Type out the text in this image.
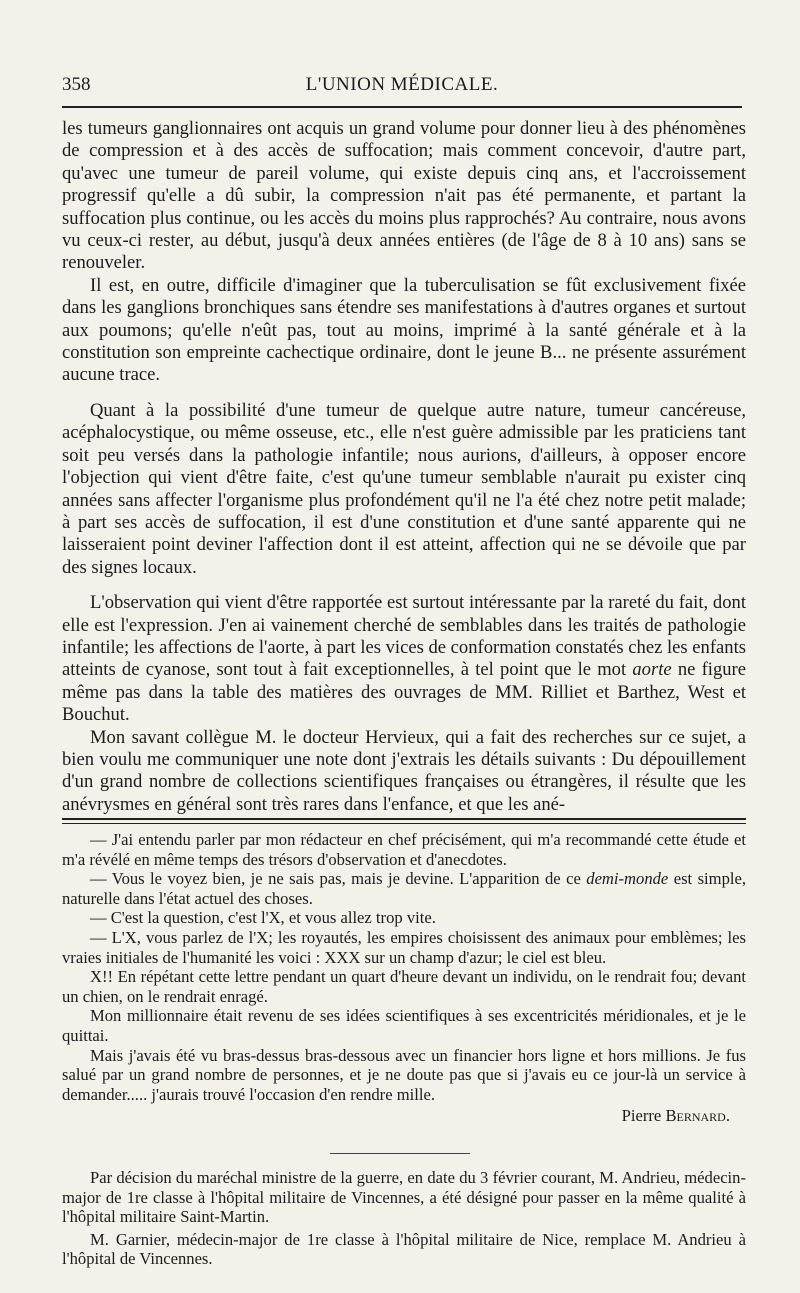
358	L'UNION MÉDICALE.

les tumeurs ganglionnaires ont acquis un grand volume pour donner lieu à des phénomènes de compression et à des accès de suffocation; mais comment concevoir, d'autre part, qu'avec une tumeur de pareil volume, qui existe depuis cinq ans, et l'accroissement progressif qu'elle a dû subir, la compression n'ait pas été permanente, et partant la suffocation plus continue, ou les accès du moins plus rapprochés? Au contraire, nous avons vu ceux-ci rester, au début, jusqu'à deux années entières (de l'âge de 8 à 10 ans) sans se renouveler.

Il est, en outre, difficile d'imaginer que la tuberculisation se fût exclusivement fixée dans les ganglions bronchiques sans étendre ses manifestations à d'autres organes et surtout aux poumons; qu'elle n'eût pas, tout au moins, imprimé à la santé générale et à la constitution son empreinte cachectique ordinaire, dont le jeune B... ne présente assurément aucune trace.

Quant à la possibilité d'une tumeur de quelque autre nature, tumeur cancéreuse, acéphalocystique, ou même osseuse, etc., elle n'est guère admissible par les praticiens tant soit peu versés dans la pathologie infantile; nous aurions, d'ailleurs, à opposer encore l'objection qui vient d'être faite, c'est qu'une tumeur semblable n'aurait pu exister cinq années sans affecter l'organisme plus profondément qu'il ne l'a été chez notre petit malade; à part ses accès de suffocation, il est d'une constitution et d'une santé apparente qui ne laisseraient point deviner l'affection dont il est atteint, affection qui ne se dévoile que par des signes locaux.

L'observation qui vient d'être rapportée est surtout intéressante par la rareté du fait, dont elle est l'expression. J'en ai vainement cherché de semblables dans les traités de pathologie infantile; les affections de l'aorte, à part les vices de conformation constatés chez les enfants atteints de cyanose, sont tout à fait exceptionnelles, à tel point que le mot aorte ne figure même pas dans la table des matières des ouvrages de MM. Rilliet et Barthez, West et Bouchut.

Mon savant collègue M. le docteur Hervieux, qui a fait des recherches sur ce sujet, a bien voulu me communiquer une note dont j'extrais les détails suivants : Du dépouillement d'un grand nombre de collections scientifiques françaises ou étrangères, il résulte que les anévrysmes en général sont très rares dans l'enfance, et que les ané-

— J'ai entendu parler par mon rédacteur en chef précisément, qui m'a recommandé cette étude et m'a révélé en même temps des trésors d'observation et d'anecdotes.

— Vous le voyez bien, je ne sais pas, mais je devine. L'apparition de ce demi-monde est simple, naturelle dans l'état actuel des choses.

— C'est la question, c'est l'X, et vous allez trop vite.

— L'X, vous parlez de l'X; les royautés, les empires choisissent des animaux pour emblèmes; les vraies initiales de l'humanité les voici : XXX sur un champ d'azur; le ciel est bleu.

X!! En répétant cette lettre pendant un quart d'heure devant un individu, on le rendrait fou; devant un chien, on le rendrait enragé.

Mon millionnaire était revenu de ses idées scientifiques à ses excentricités méridionales, et je le quittai.

Mais j'avais été vu bras-dessus bras-dessous avec un financier hors ligne et hors millions. Je fus salué par un grand nombre de personnes, et je ne doute pas que si j'avais eu ce jour-là un service à demander..... j'aurais trouvé l'occasion d'en rendre mille.

Pierre Bernard.

Par décision du maréchal ministre de la guerre, en date du 3 février courant, M. Andrieu, médecin-major de 1re classe à l'hôpital militaire de Vincennes, a été désigné pour passer en la même qualité à l'hôpital militaire Saint-Martin.

M. Garnier, médecin-major de 1re classe à l'hôpital militaire de Nice, remplace M. Andrieu à l'hôpital de Vincennes.
